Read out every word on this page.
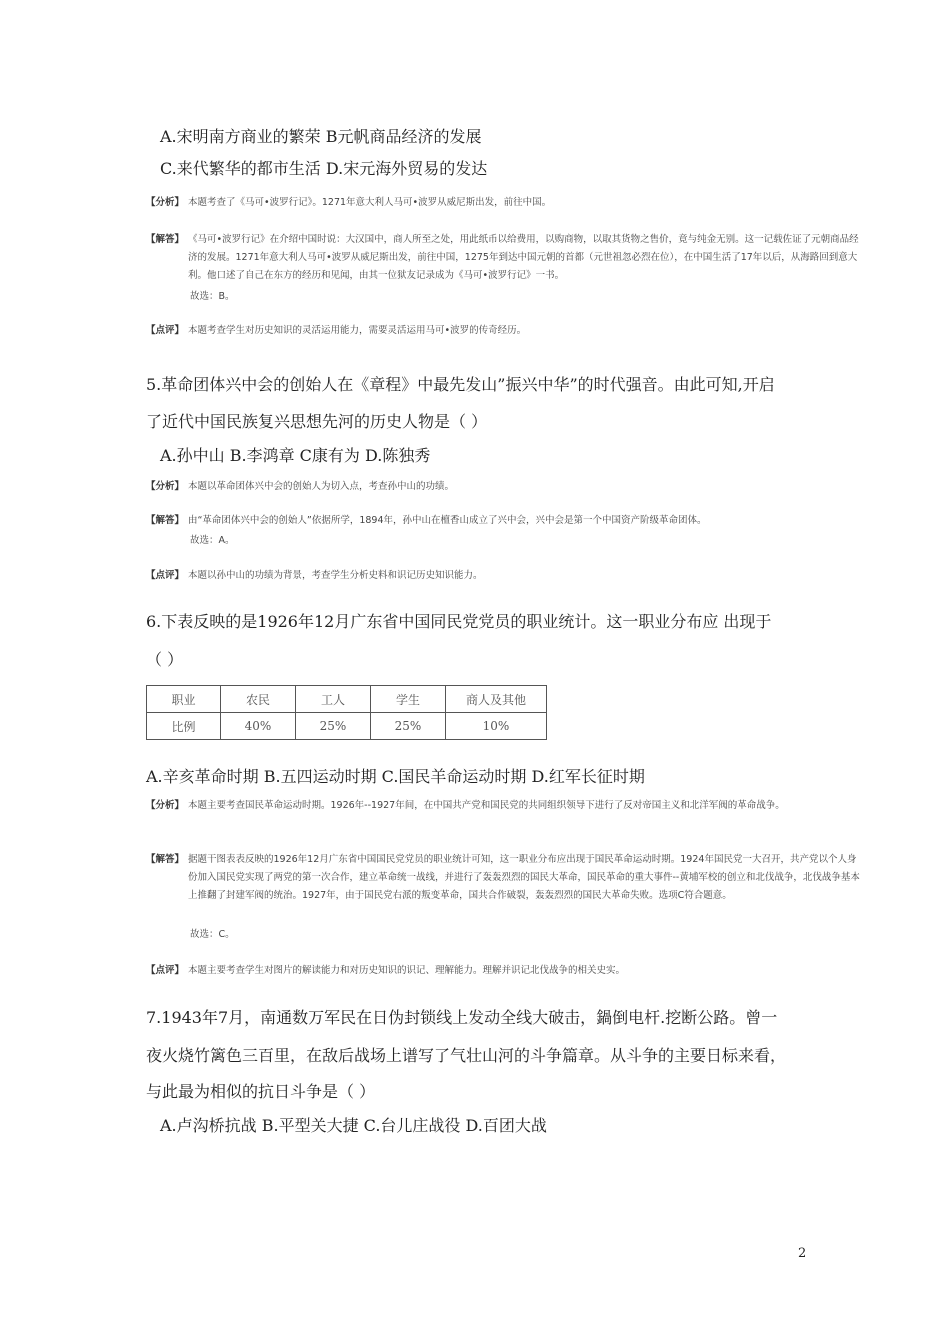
A.宋明南方商业的繁荣 B元帆商品经济的发展
C.来代繁华的都市生活 D.宋元海外贸易的发达
【分析】 本题考查了《马可•波罗行记》。1271年意大利人马可•波罗从威尼斯出发，前往中国。
【解答】 《马可•波罗行记》在介绍中国时说：大汉国中，商人所至之处，用此纸币以给费用，以购商物，以取其货物之售价，竟与纯金无别。这一记载佐证了元朝商品经济的发展。1271年意大利人马可•波罗从威尼斯出发，前往中国，1275年到达中国元朝的首都（元世祖忽必烈在位），在中国生活了17年以后，从海路回到意大利。他口述了自己在东方的经历和见闻，由其一位狱友记录成为《马可•波罗行记》一书。
故选：B。
【点评】 本题考查学生对历史知识的灵活运用能力，需要灵活运用马可•波罗的传奇经历。
5.革命团体兴中会的创始人在《章程》中最先发山”振兴中华”的时代强音。由此可知,开启
了近代中国民族复兴思想先河的历史人物是（ ）
A.孙中山 B.李鸿章 C康有为 D.陈独秀
【分析】 本题以革命团体兴中会的创始人为切入点，考查孙中山的功绩。
【解答】 由“革命团体兴中会的创始人”依据所学，1894年，孙中山在檀香山成立了兴中会，兴中会是第一个中国资产阶级革命团体。
故选：A。
【点评】 本题以孙中山的功绩为背景，考查学生分析史料和识记历史知识能力。
6.下表反映的是1926年12月广东省中国同民党党员的职业统计。这一职业分布应 出现于
（ ）
职业	农民	工人	学生	商人及其他
比例	40%	25%	25%	10%
A.辛亥革命时期 B.五四运动时期 C.国民羊命运动时期 D.红军长征时期
【分析】 本题主要考查国民革命运动时期。1926年--1927年间，在中国共产党和国民党的共同组织领导下进行了反对帝国主义和北洋军阀的革命战争。
【解答】 据题干图表表反映的1926年12月广东省中国国民党党员的职业统计可知，这一职业分布应出现于国民革命运动时期。1924年国民党一大召开，共产党以个人身份加入国民党实现了两党的第一次合作，建立革命统一战线，并进行了轰轰烈烈的国民大革命，国民革命的重大事件--黄埔军校的创立和北伐战争，北伐战争基本上推翻了封建军阀的统治。1927年，由于国民党右派的叛变革命，国共合作破裂，轰轰烈烈的国民大革命失败。选项C符合题意。
故选：C。
【点评】 本题主要考查学生对图片的解读能力和对历史知识的识记、理解能力。理解并识记北伐战争的相关史实。
7.1943年7月，南通数万军民在日伪封锁线上发动全线大破击，鍋倒电杆.挖断公路。曾一
夜火烧竹篱色三百里，在敌后战场上谱写了气壮山河的斗争篇章。从斗争的主要日标来看，
与此最为相似的抗日斗争是（ ）
A.卢沟桥抗战 B.平型关大捷 C.台儿庄战役 D.百团大战
2
